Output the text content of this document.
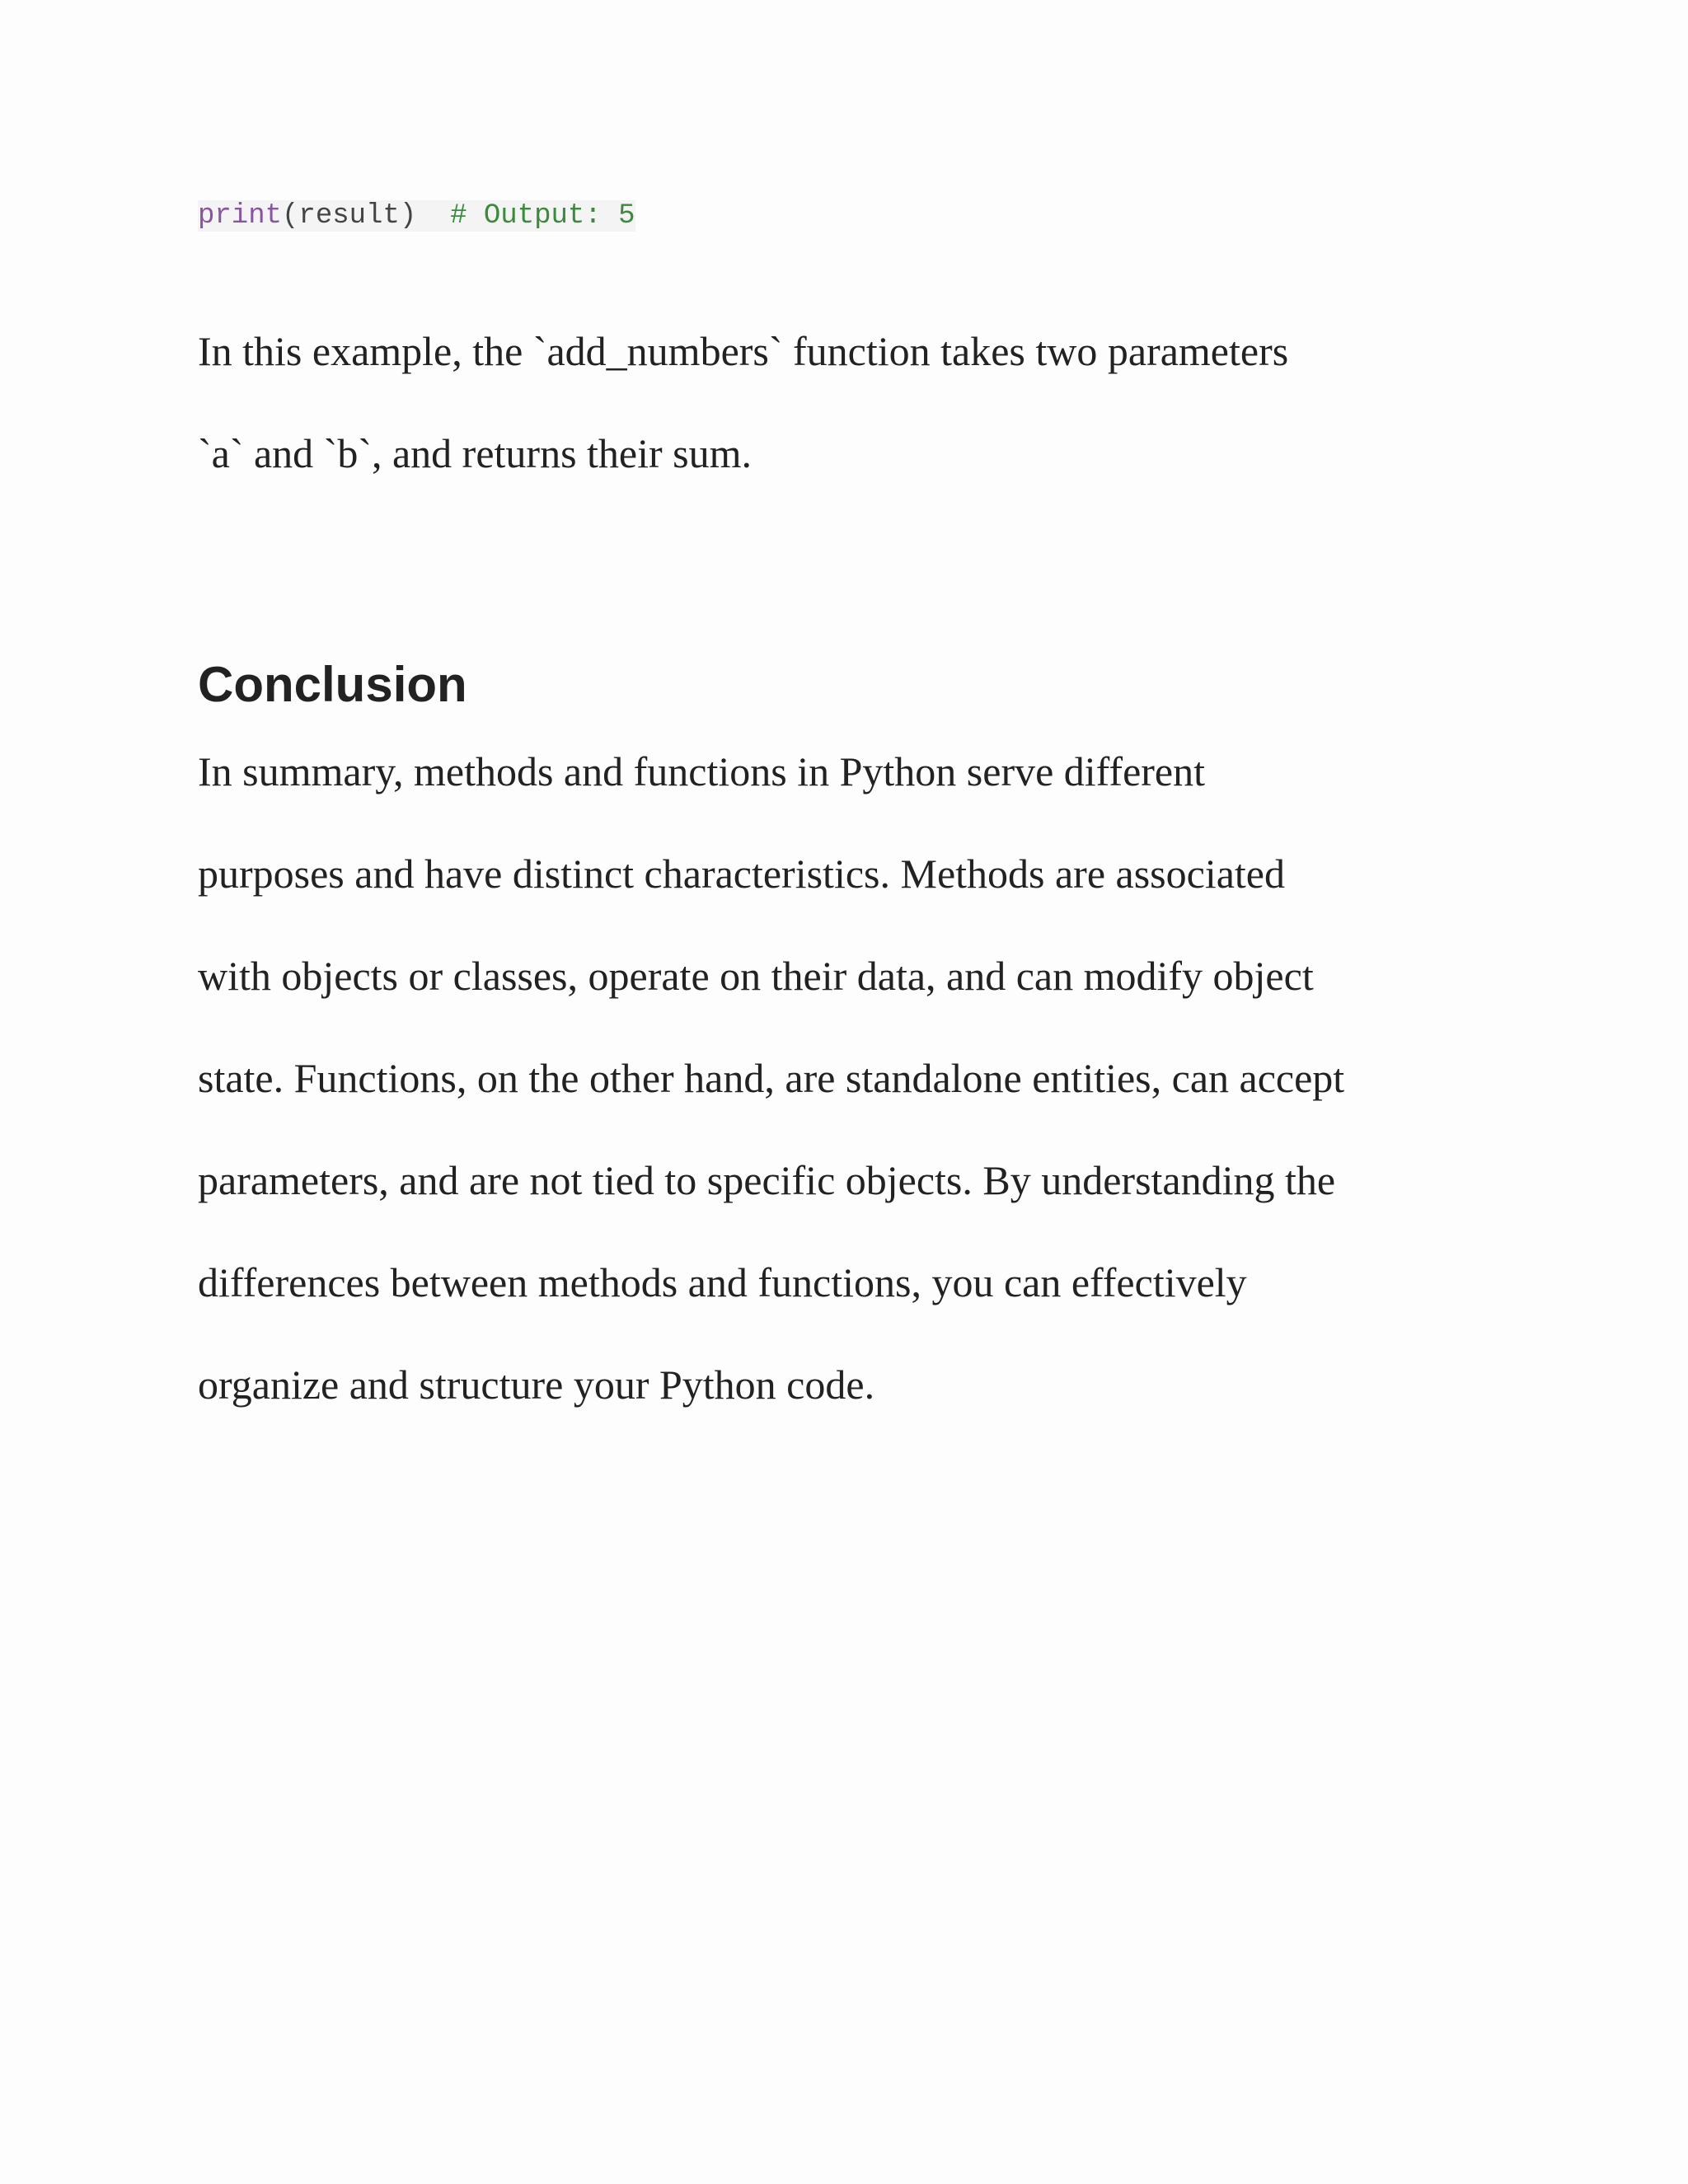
print(result) # Output: 5

In this example, the `add_numbers` function takes two parameters
`a` and `b`, and returns their sum.

Conclusion

In summary, methods and functions in Python serve different
purposes and have distinct characteristics. Methods are associated
with objects or classes, operate on their data, and can modify object
state. Functions, on the other hand, are standalone entities, can accept
parameters, and are not tied to specific objects. By understanding the
differences between methods and functions, you can effectively
organize and structure your Python code.
